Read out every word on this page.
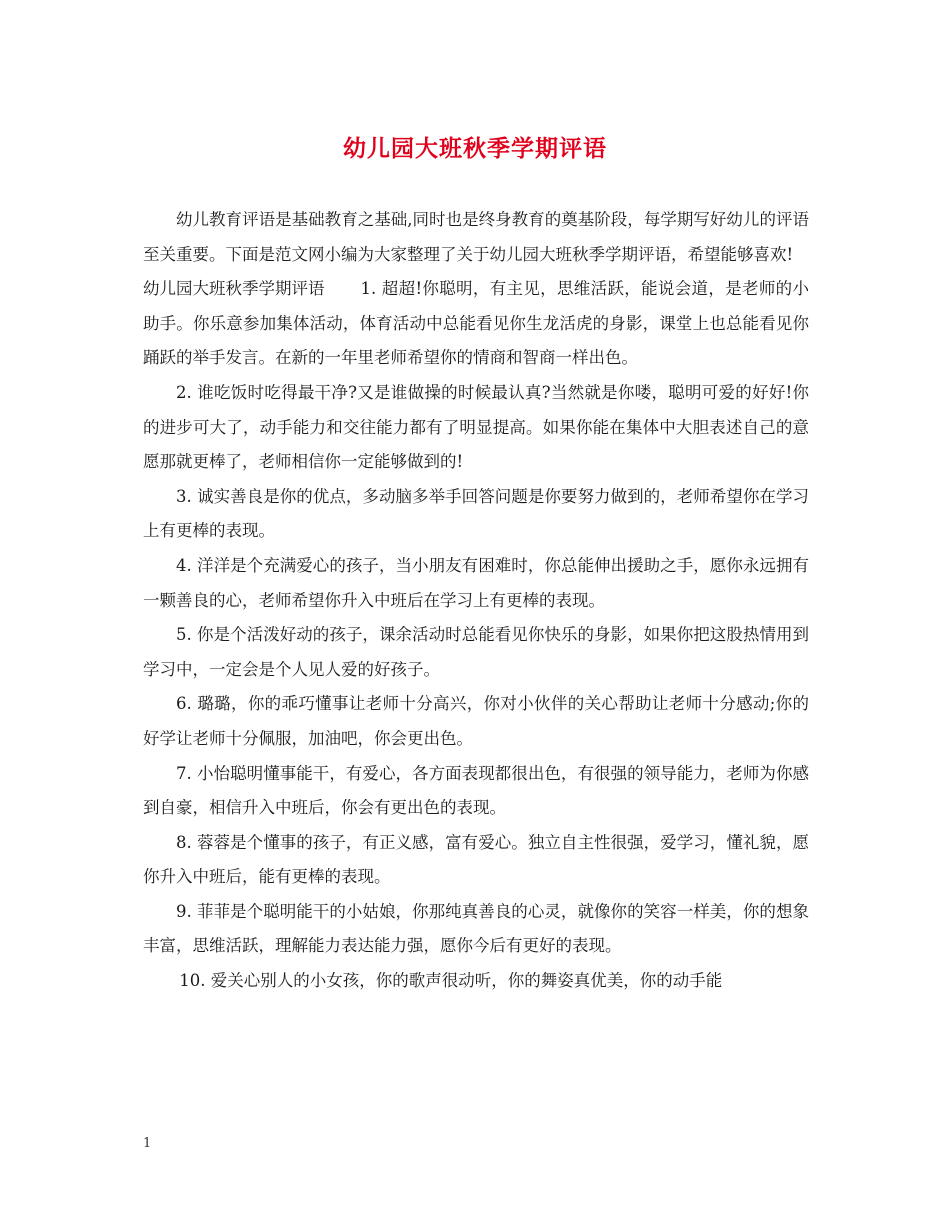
幼儿园大班秋季学期评语

幼儿教育评语是基础教育之基础,同时也是终身教育的奠基阶段，每学期写好幼儿的评语至关重要。下面是范文网小编为大家整理了关于幼儿园大班秋季学期评语，希望能够喜欢!

幼儿园大班秋季学期评语 1. 超超!你聪明，有主见，思维活跃，能说会道，是老师的小助手。你乐意参加集体活动，体育活动中总能看见你生龙活虎的身影，课堂上也总能看见你踊跃的举手发言。在新的一年里老师希望你的情商和智商一样出色。

2. 谁吃饭时吃得最干净?又是谁做操的时候最认真?当然就是你喽，聪明可爱的好好!你的进步可大了，动手能力和交往能力都有了明显提高。如果你能在集体中大胆表述自己的意愿那就更棒了，老师相信你一定能够做到的!

3. 诚实善良是你的优点，多动脑多举手回答问题是你要努力做到的，老师希望你在学习上有更棒的表现。

4. 洋洋是个充满爱心的孩子，当小朋友有困难时，你总能伸出援助之手，愿你永远拥有一颗善良的心，老师希望你升入中班后在学习上有更棒的表现。

5. 你是个活泼好动的孩子，课余活动时总能看见你快乐的身影，如果你把这股热情用到学习中，一定会是个人见人爱的好孩子。

6. 璐璐，你的乖巧懂事让老师十分高兴，你对小伙伴的关心帮助让老师十分感动;你的好学让老师十分佩服，加油吧，你会更出色。

7. 小怡聪明懂事能干，有爱心，各方面表现都很出色，有很强的领导能力，老师为你感到自豪，相信升入中班后，你会有更出色的表现。

8. 蓉蓉是个懂事的孩子，有正义感，富有爱心。独立自主性很强，爱学习，懂礼貌，愿你升入中班后，能有更棒的表现。

9. 菲菲是个聪明能干的小姑娘，你那纯真善良的心灵，就像你的笑容一样美，你的想象丰富，思维活跃，理解能力表达能力强，愿你今后有更好的表现。

10. 爱关心别人的小女孩，你的歌声很动听，你的舞姿真优美，你的动手能

1
